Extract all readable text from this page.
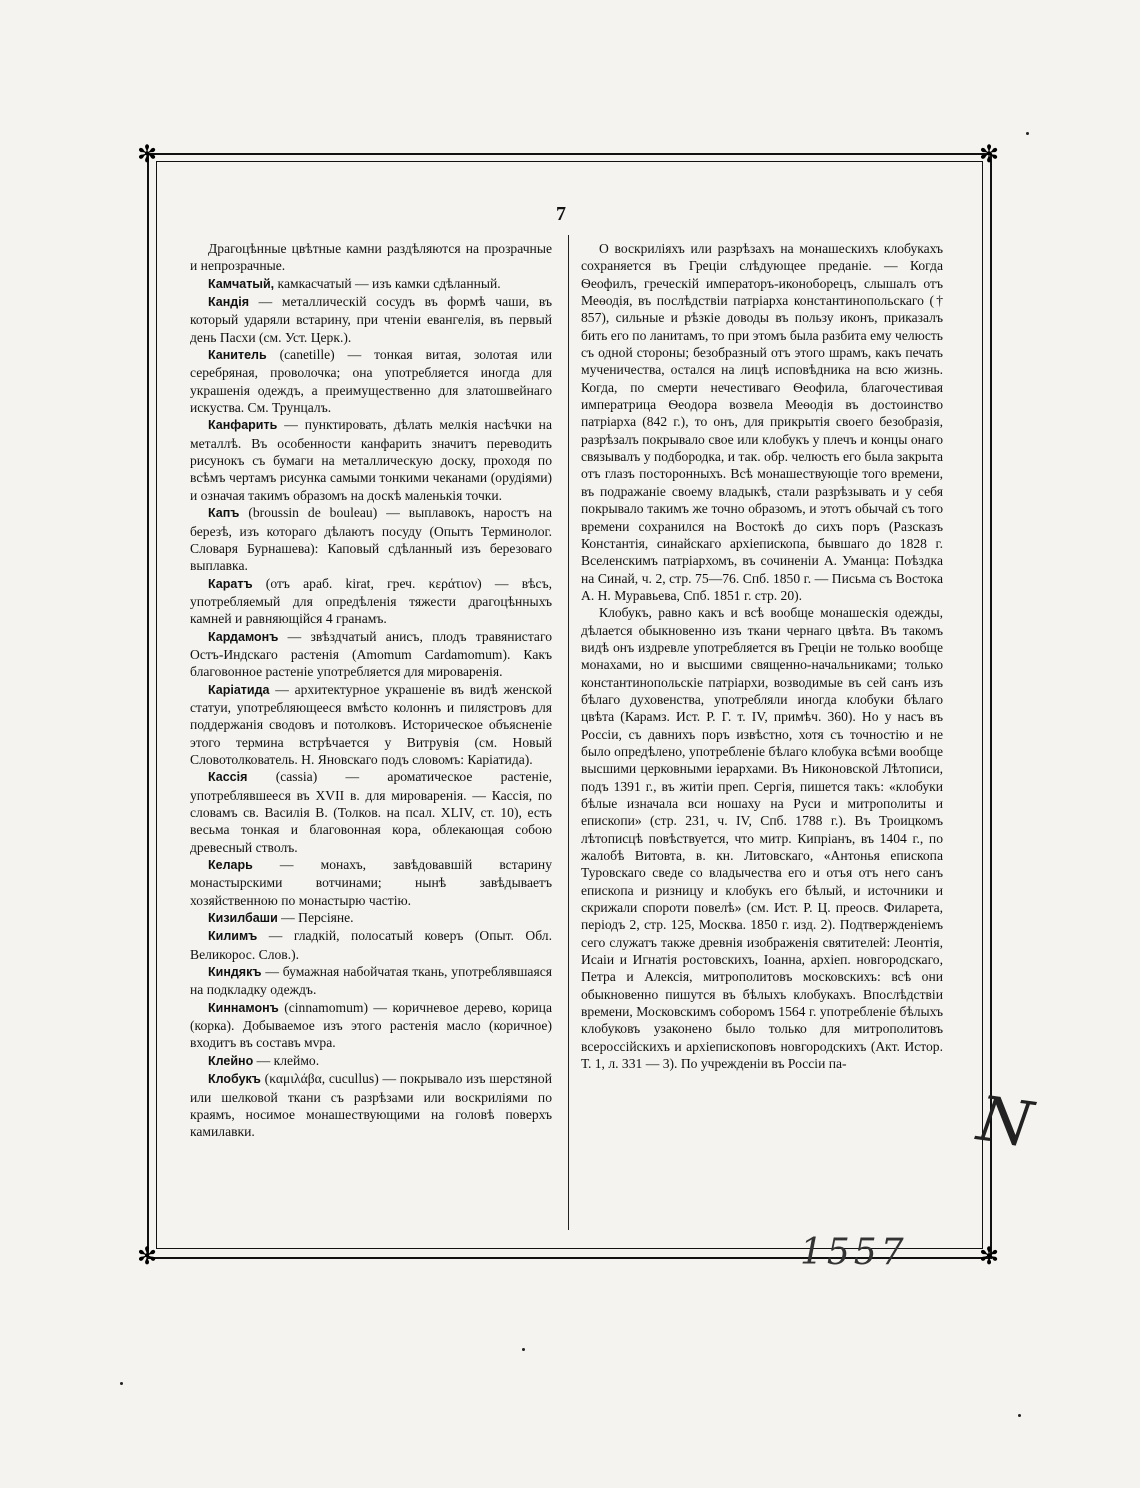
✻	✻
✻	✻
7

Драгоцѣнные цвѣтные камни раздѣляются на прозрачные и непрозрачные.

Камчатый, камкасчатый — изъ камки сдѣланный.

Кандія — металлическій сосудъ въ формѣ чаши, въ который ударяли встарину, при чтеніи евангелія, въ первый день Пасхи (см. Уст. Церк.).

Канитель (canetille) — тонкая витая, золотая или серебряная, проволочка; она употребляется иногда для украшенія одеждъ, а преимущественно для златошвейнаго искуства. См. Трунцалъ.

Канфарить — пунктировать, дѣлать мелкія насѣчки на металлѣ. Въ особенности канфарить значитъ переводить рисунокъ съ бумаги на металлическую доску, проходя по всѣмъ чертамъ рисунка самыми тонкими чеканами (орудіями) и означая такимъ образомъ на доскѣ маленькія точки.

Капъ (broussin de bouleau) — выплавокъ, наростъ на березѣ, изъ котораго дѣлаютъ посуду (Опытъ Терминолог. Словаря Бурнашева): Каповый сдѣланный изъ березоваго выплавка.

Каратъ (отъ араб. kirat, греч. κεράτιον) — вѣсъ, употребляемый для опредѣленія тяжести драгоцѣнныхъ камней и равняющійся 4 гранамъ.

Кардамонъ — звѣздчатый анисъ, плодъ травянистаго Остъ-Индскаго растенія (Amomum Cardamomum). Какъ благовонное растеніе употребляется для мироваренія.

Каріатида — архитектурное украшеніе въ видѣ женской статуи, употребляющееся вмѣсто колоннъ и пилястровъ для поддержанія сводовъ и потолковъ. Историческое объясненіе этого термина встрѣчается у Витрувія (см. Новый Словотолкователь. Н. Яновскаго подъ словомъ: Каріатида).

Кассія (cassia) — ароматическое растеніе, употреблявшееся въ XVII в. для мироваренія. — Кассія, по словамъ св. Василія В. (Толков. на псал. XLIV, ст. 10), есть весьма тонкая и благовонная кора, облекающая собою древесный стволъ.

Келарь — монахъ, завѣдовавшій встарину монастырскими вотчинами; нынѣ завѣдываетъ хозяйственною по монастырю частію.

Кизилбаши — Персіяне.

Килимъ — гладкій, полосатый коверъ (Опыт. Обл. Великорос. Слов.).

Киндякъ — бумажная набойчатая ткань, употреблявшаяся на подкладку одеждъ.

Киннамонъ (cinnamomum) — коричневое дерево, корица (корка). Добываемое изъ этого растенія масло (коричное) входитъ въ составъ мvра.

Клейно — клеймо.

Клобукъ (καμιλάβα, cucullus) — покрывало изъ шерстяной или шелковой ткани съ разрѣзами или воскриліями по краямъ, носимое монашествующими на головѣ поверхъ камилавки.

О воскриліяхъ или разрѣзахъ на монашескихъ клобукахъ сохраняется въ Греціи слѣдующее преданіе. — Когда Ѳеофилъ, греческій императоръ-иконоборецъ, слышалъ отъ Меѳодія, въ послѣдствіи патріарха константинопольскаго († 857), сильные и рѣзкіе доводы въ пользу иконъ, приказалъ бить его по ланитамъ, то при этомъ была разбита ему челюсть съ одной стороны; безобразный отъ этого шрамъ, какъ печать мученичества, остался на лицѣ исповѣдника на всю жизнь. Когда, по смерти нечестиваго Ѳеофила, благочестивая императрица Ѳеодора возвела Меѳодія въ достоинство патріарха (842 г.), то онъ, для прикрытія своего безобразія, разрѣзалъ покрывало свое или клобукъ у плечъ и концы онаго связывалъ у подбородка, и так. обр. челюсть его была закрыта отъ глазъ посторонныхъ. Всѣ монашествующіе того времени, въ подражаніе своему владыкѣ, стали разрѣзывать и у себя покрывало такимъ же точно образомъ, и этотъ обычай съ того времени сохранился на Востокѣ до сихъ поръ (Разсказъ Константія, синайскаго архіепископа, бывшаго до 1828 г. Вселенскимъ патріархомъ, въ сочиненіи А. Уманца: Поѣздка на Синай, ч. 2, стр. 75—76. Спб. 1850 г. — Письма съ Востока А. Н. Муравьева, Спб. 1851 г. стр. 20).

Клобукъ, равно какъ и всѣ вообще монашескія одежды, дѣлается обыкновенно изъ ткани чернаго цвѣта. Въ такомъ видѣ онъ издревле употребляется въ Греціи не только вообще монахами, но и высшими священно-начальниками; только константинопольскіе патріархи, возводимые въ сей санъ изъ бѣлаго духовенства, употребляли иногда клобуки бѣлаго цвѣта (Карамз. Ист. Р. Г. т. IV, примѣч. 360). Но у насъ въ Россіи, съ давнихъ поръ извѣстно, хотя съ точностію и не было опредѣлено, употребленіе бѣлаго клобука всѣми вообще высшими церковными іерархами. Въ Никоновской Лѣтописи, подъ 1391 г., въ житіи преп. Сергія, пишется такъ: «клобуки бѣлые изначала вси ношаху на Руси и митрополиты и епископи» (стр. 231, ч. IV, Спб. 1788 г.). Въ Троицкомъ лѣтописцѣ повѣствуется, что митр. Кипріанъ, въ 1404 г., по жалобѣ Витовта, в. кн. Литовскаго, «Антонья епископа Туровскаго сведе со владычества его и отъя отъ него санъ епископа и ризницу и клобукъ его бѣлый, и источники и скрижали спороти повелѣ» (см. Ист. Р. Ц. преосв. Филарета, періодъ 2, стр. 125, Москва. 1850 г. изд. 2). Подтвержденіемъ сего служатъ также древнія изображенія святителей: Леонтія, Исаіи и Игнатія ростовскихъ, Іоанна, архіеп. новгородскаго, Петра и Алексія, митрополитовъ московскихъ: всѣ они обыкновенно пишутся въ бѣлыхъ клобукахъ. Впослѣдствіи времени, Московскимъ соборомъ 1564 г. употребленіе бѣлыхъ клобуковъ узаконено было только для митрополитовъ всероссійскихъ и архіепископовъ новгородскихъ (Акт. Истор. Т. 1, л. 331 — 3). По учрежденіи въ Россіи па-

N
1557
